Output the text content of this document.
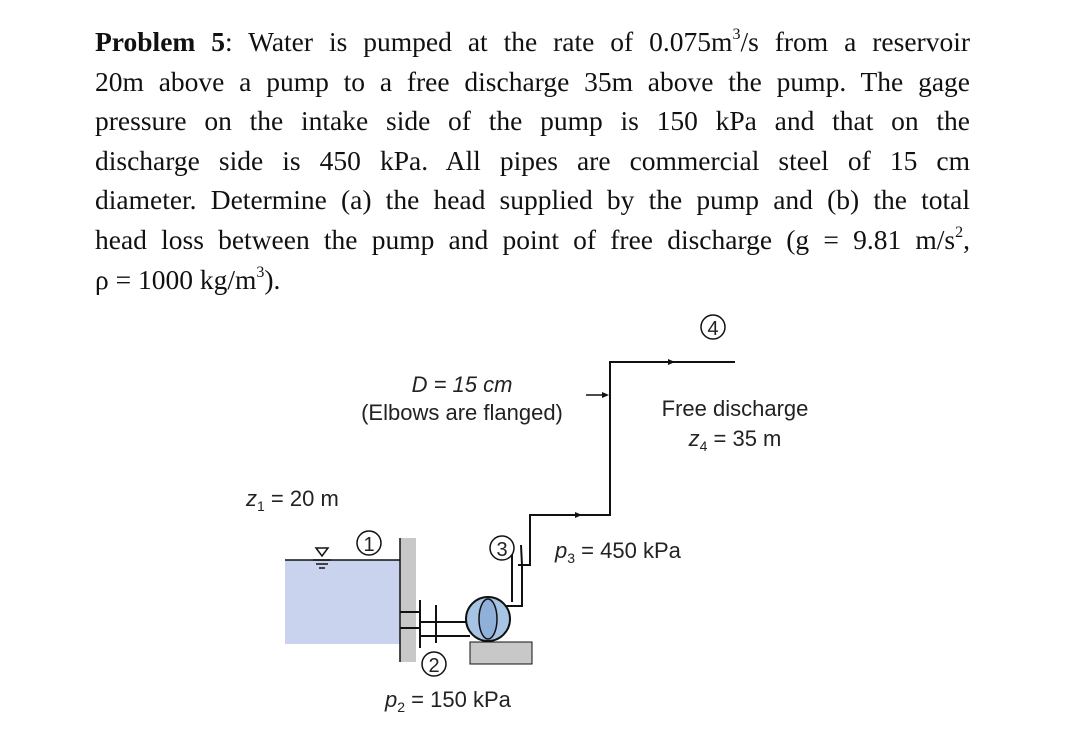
Problem 5: Water is pumped at the rate of $0.075m^3/s$ from a reservoir
20m above a pump to a free discharge 35m above the pump. The gage
pressure on the intake side of the pump is 150 kPa and that on the
discharge side is 450 kPa. All pipes are commercial steel of 15 cm
diameter. Determine (a) the head supplied by the pump and (b) the total
head loss between the pump and point of free discharge (g = 9.81 $m/s^2$,
ρ = 1000 $kg/m^3$).
1
2
3
4
D = 15 cm
(Elbows are flanged)	Free discharge
$z_4 = 35$ m
$z_1 = 20$ m
$p_3 = 450$ kPa
$p_2 = 150$ kPa
